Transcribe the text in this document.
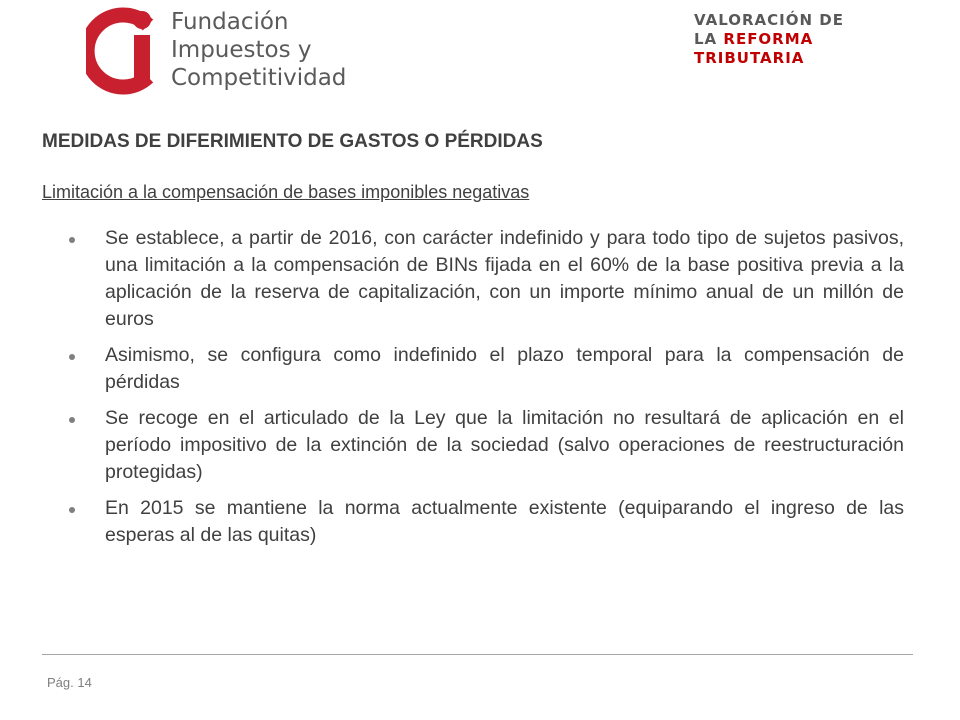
Fundación
Impuestos y
Competitividad
VALORACIÓN DE
LA REFORMA
TRIBUTARIA
MEDIDAS DE DIFERIMIENTO DE GASTOS O PÉRDIDAS
Limitación a la compensación de bases imponibles negativas
Se establece, a partir de 2016, con carácter indefinido y para todo tipo de sujetos pasivos, una limitación a la compensación de BINs fijada en el 60% de la base positiva previa a la aplicación de la reserva de capitalización, con un importe mínimo anual de un millón de euros
Asimismo, se configura como indefinido el plazo temporal para la compensación de pérdidas
Se recoge en el articulado de la Ley que la limitación no resultará de aplicación en el período impositivo de la extinción de la sociedad (salvo operaciones de reestructuración protegidas)
En 2015 se mantiene la norma actualmente existente (equiparando el ingreso de las esperas al de las quitas)
Pág. 14
